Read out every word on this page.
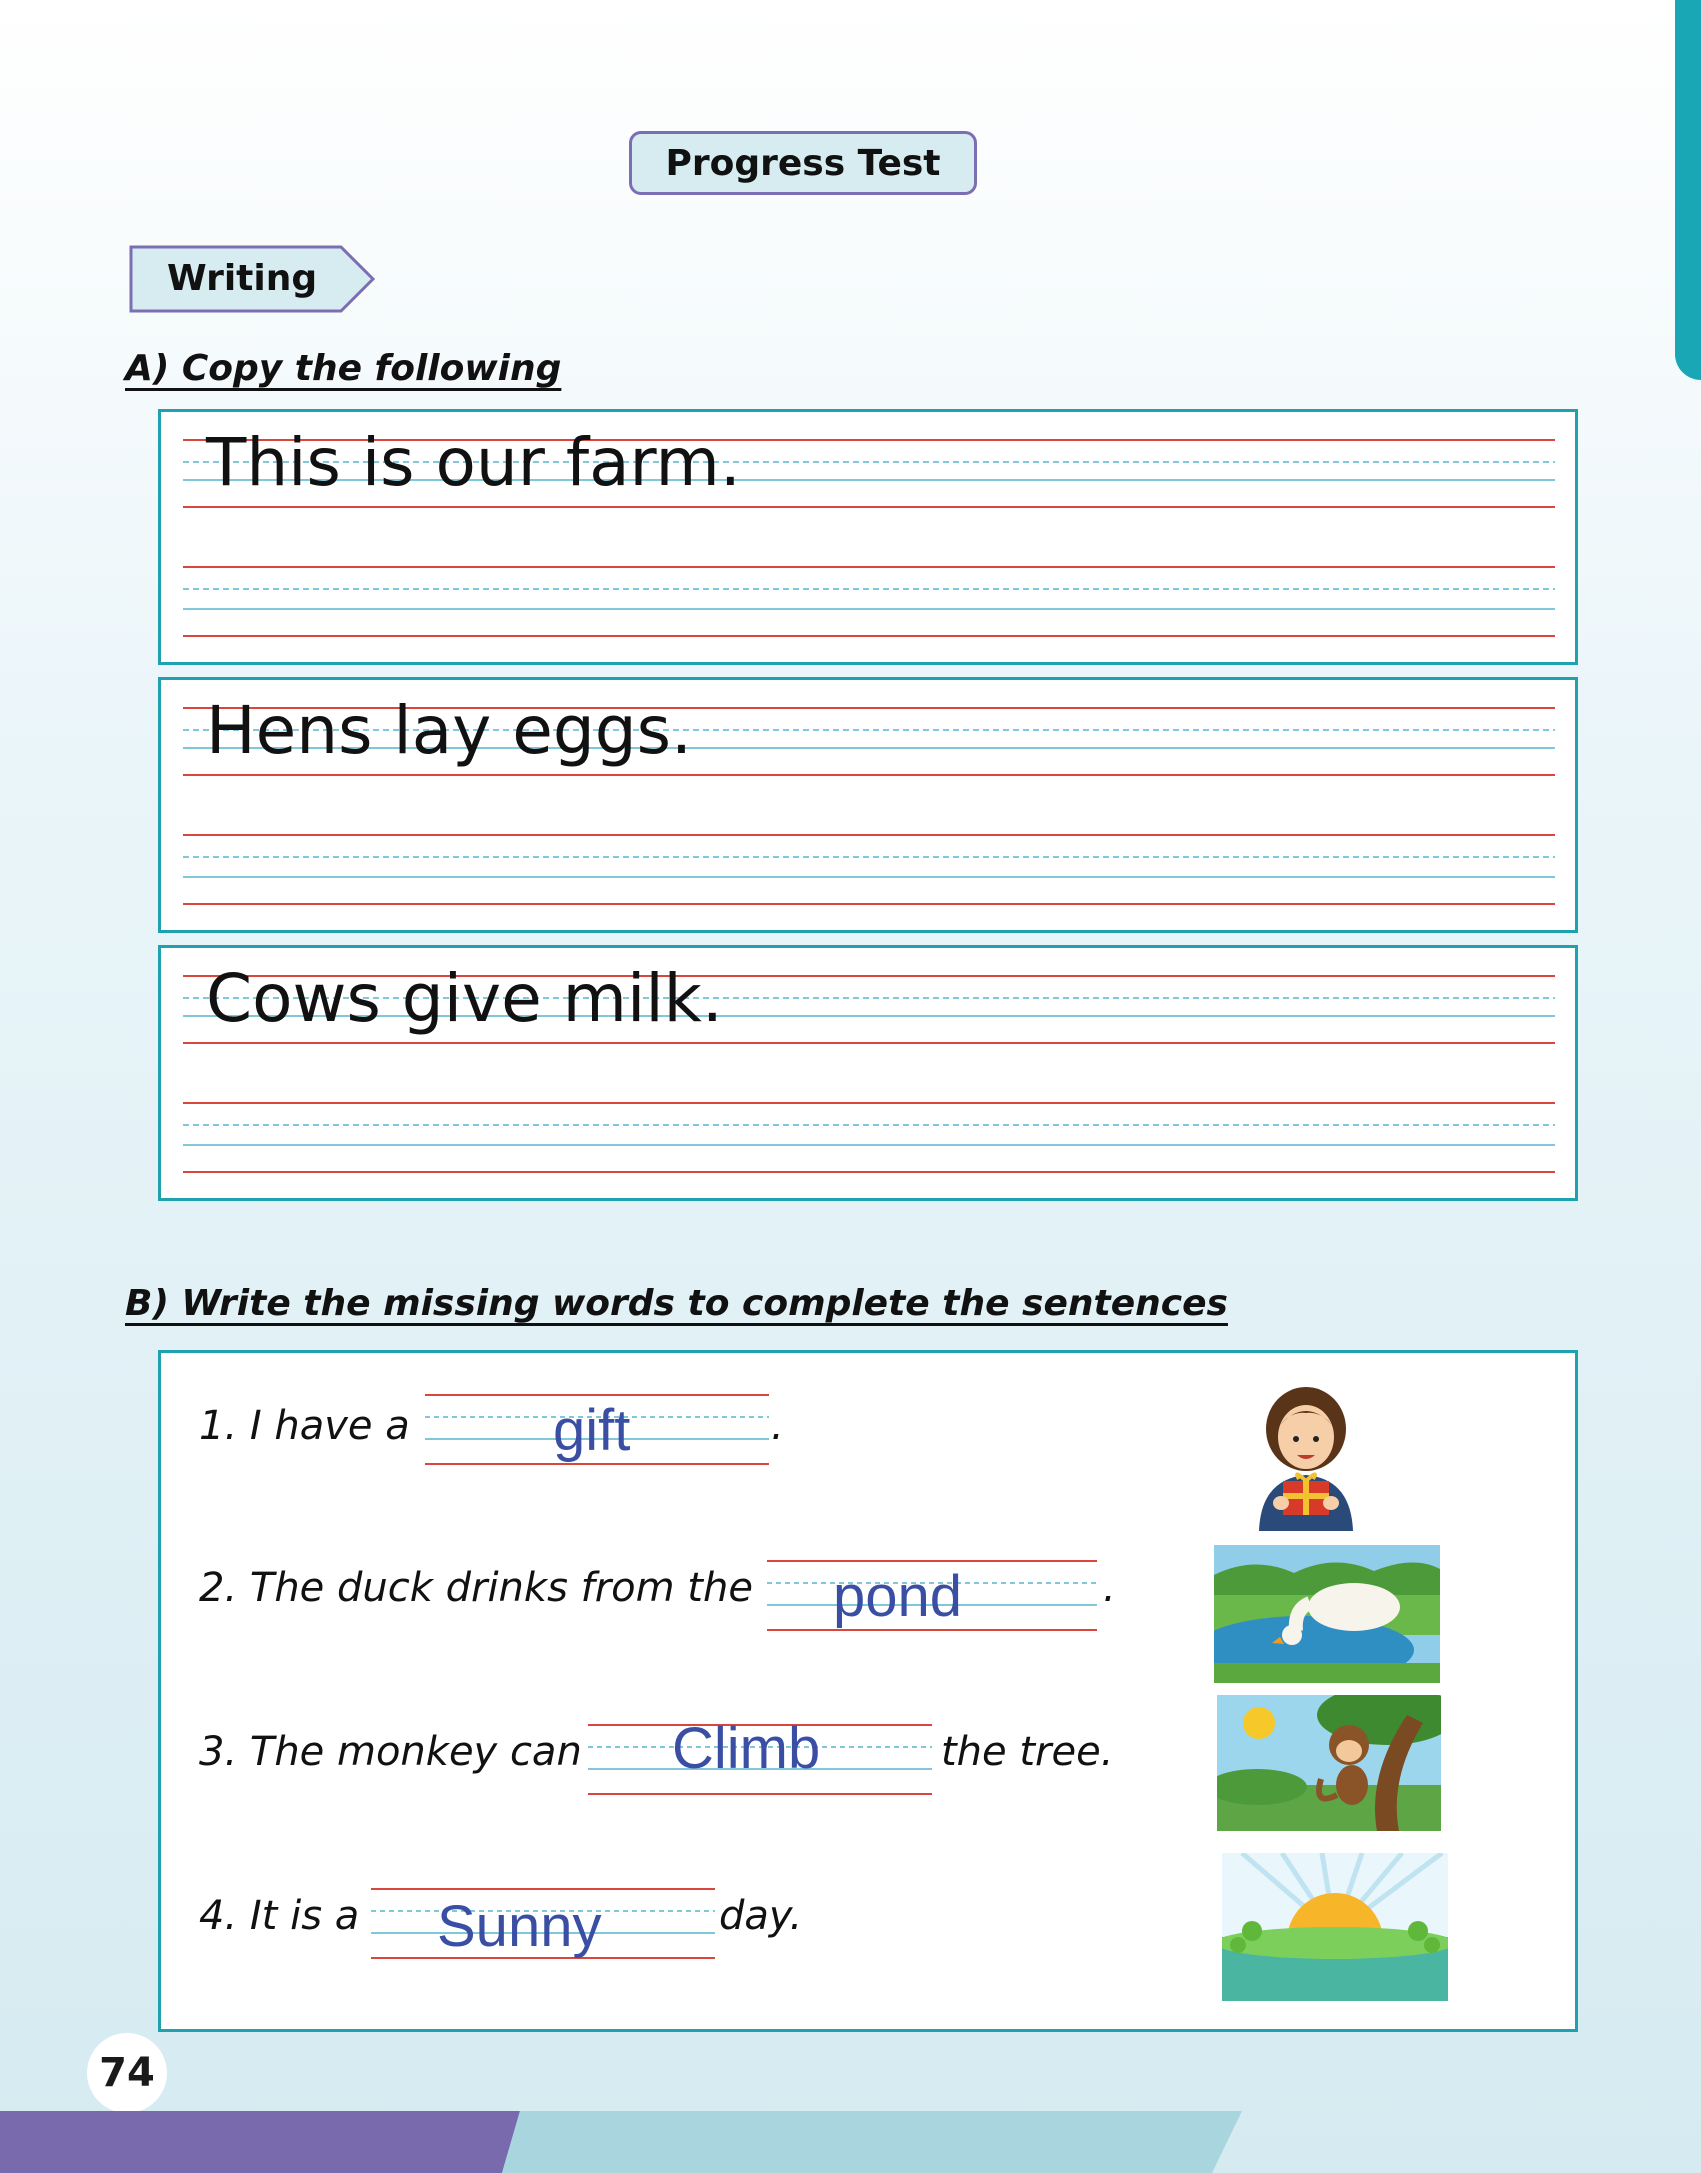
Progress Test
Writing
A) Copy the following
This is our farm.
Hens lay eggs.
Cows give milk.
B) Write the missing words to complete the sentences
1. I have a gift	.
2. The duck drinks from the pond	.
3. The monkey can Climb	the tree.
4. It is a Sunny	day.
74
